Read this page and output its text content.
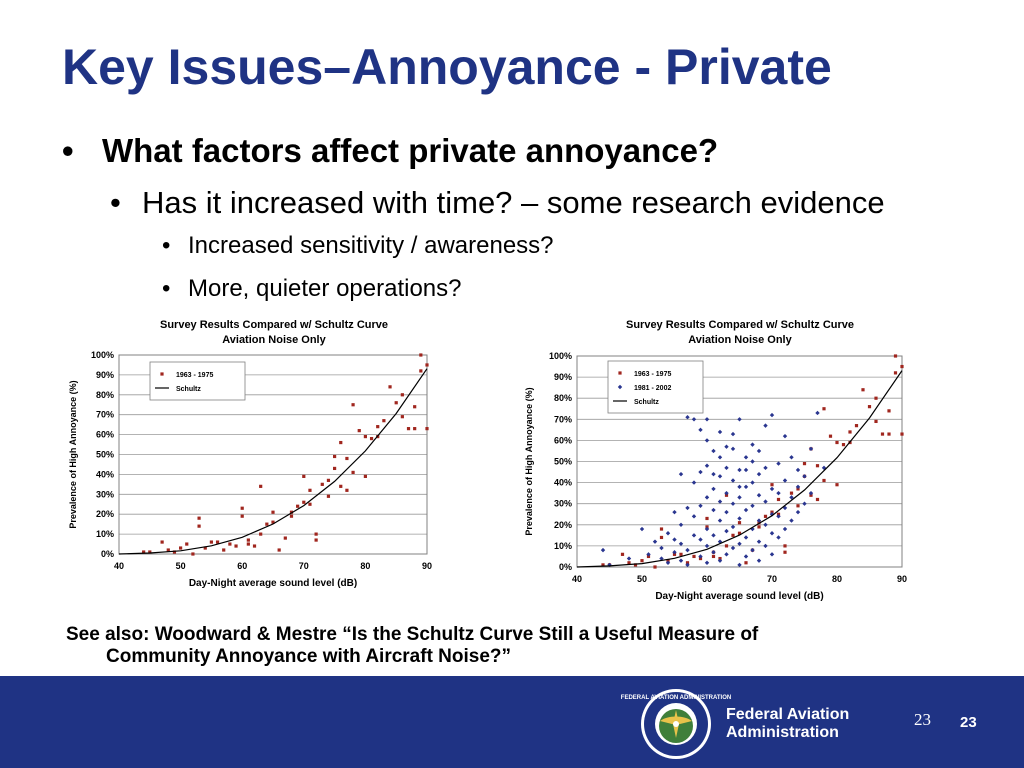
Key Issues–Annoyance - Private
• What factors affect private annoyance?
• Has it increased with time? – some research evidence
• Increased sensitivity / awareness?
• More, quieter operations?
Survey Results Compared w/ Schultz Curve
Aviation Noise Only
0%
10%
20%
30%
40%
50%
60%
70%
80%
90%
100%
40	50	60	70	80	90
Day-Night average sound level (dB)
Prevalence of High Annoyance (%)
1963 - 1975
Schultz
Survey Results Compared w/ Schultz Curve
Aviation Noise Only
0%
10%
20%
30%
40%
50%
60%
70%
80%
90%
100%
40	50	60	70	80	90
Day-Night average sound level (dB)
Prevalence of High Annoyance (%)
1963 - 1975
1981 - 2002
Schultz
See also: Woodward & Mestre “Is the Schultz Curve Still a Useful Measure of
Community Annoyance with Aircraft Noise?”
FEDERAL AVIATION ADMINISTRATION
Federal Aviation
Administration
23 23
